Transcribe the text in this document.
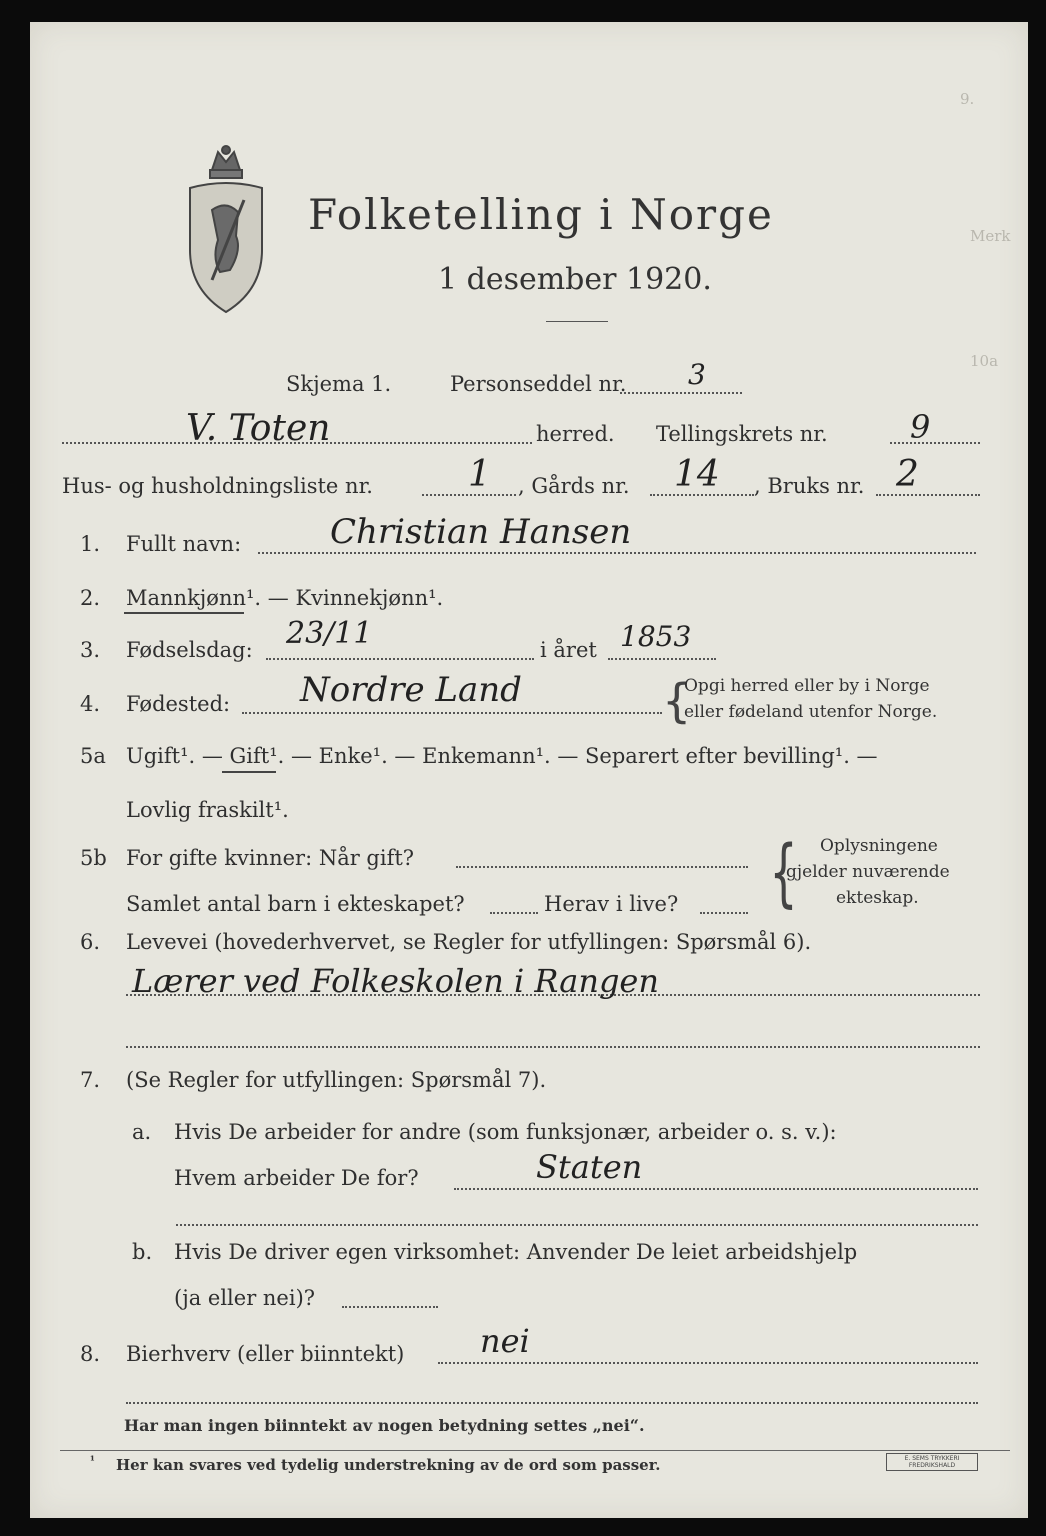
9.
Merk
10a
Folketelling i Norge
1 desember 1920.
Skjema 1.	Personseddel nr. 3
V. Toten	herred. Tellingskrets nr.	9
Hus- og husholdningsliste nr.	1 , Gårds nr. 14 , Bruks nr. 2
1. Fullt navn:	Christian Hansen
2. Mannkjønn¹. — Kvinnekjønn¹.
3. Fødselsdag: 23/11	i året 1853
4. Fødested: Nordre Land	{
Opgi herred eller by i Norge
eller fødeland utenfor Norge.
5a Ugift¹. — Gift¹. — Enke¹. — Enkemann¹. — Separert efter bevilling¹. —
Lovlig fraskilt¹.
5b For gifte kvinner: Når gift?
Samlet antal barn i ekteskapet?	Herav i live? { Oplysningene
gjelder nuværende
ekteskap.
6. Levevei (hovederhvervet, se Regler for utfyllingen: Spørsmål 6).
Lærer ved Folkeskolen i Rangen
7. (Se Regler for utfyllingen: Spørsmål 7).
a. Hvis De arbeider for andre (som funksjonær, arbeider o. s. v.):
Hvem arbeider De for?	Staten
b. Hvis De driver egen virksomhet: Anvender De leiet arbeidshjelp
(ja eller nei)?
8. Bierhverv (eller biinntekt) nei
Har man ingen biinntekt av nogen betydning settes „nei“.
¹ Her kan svares ved tydelig understrekning av de ord som passer.	E. SEMS TRYKKERI
FREDRIKSHALD
